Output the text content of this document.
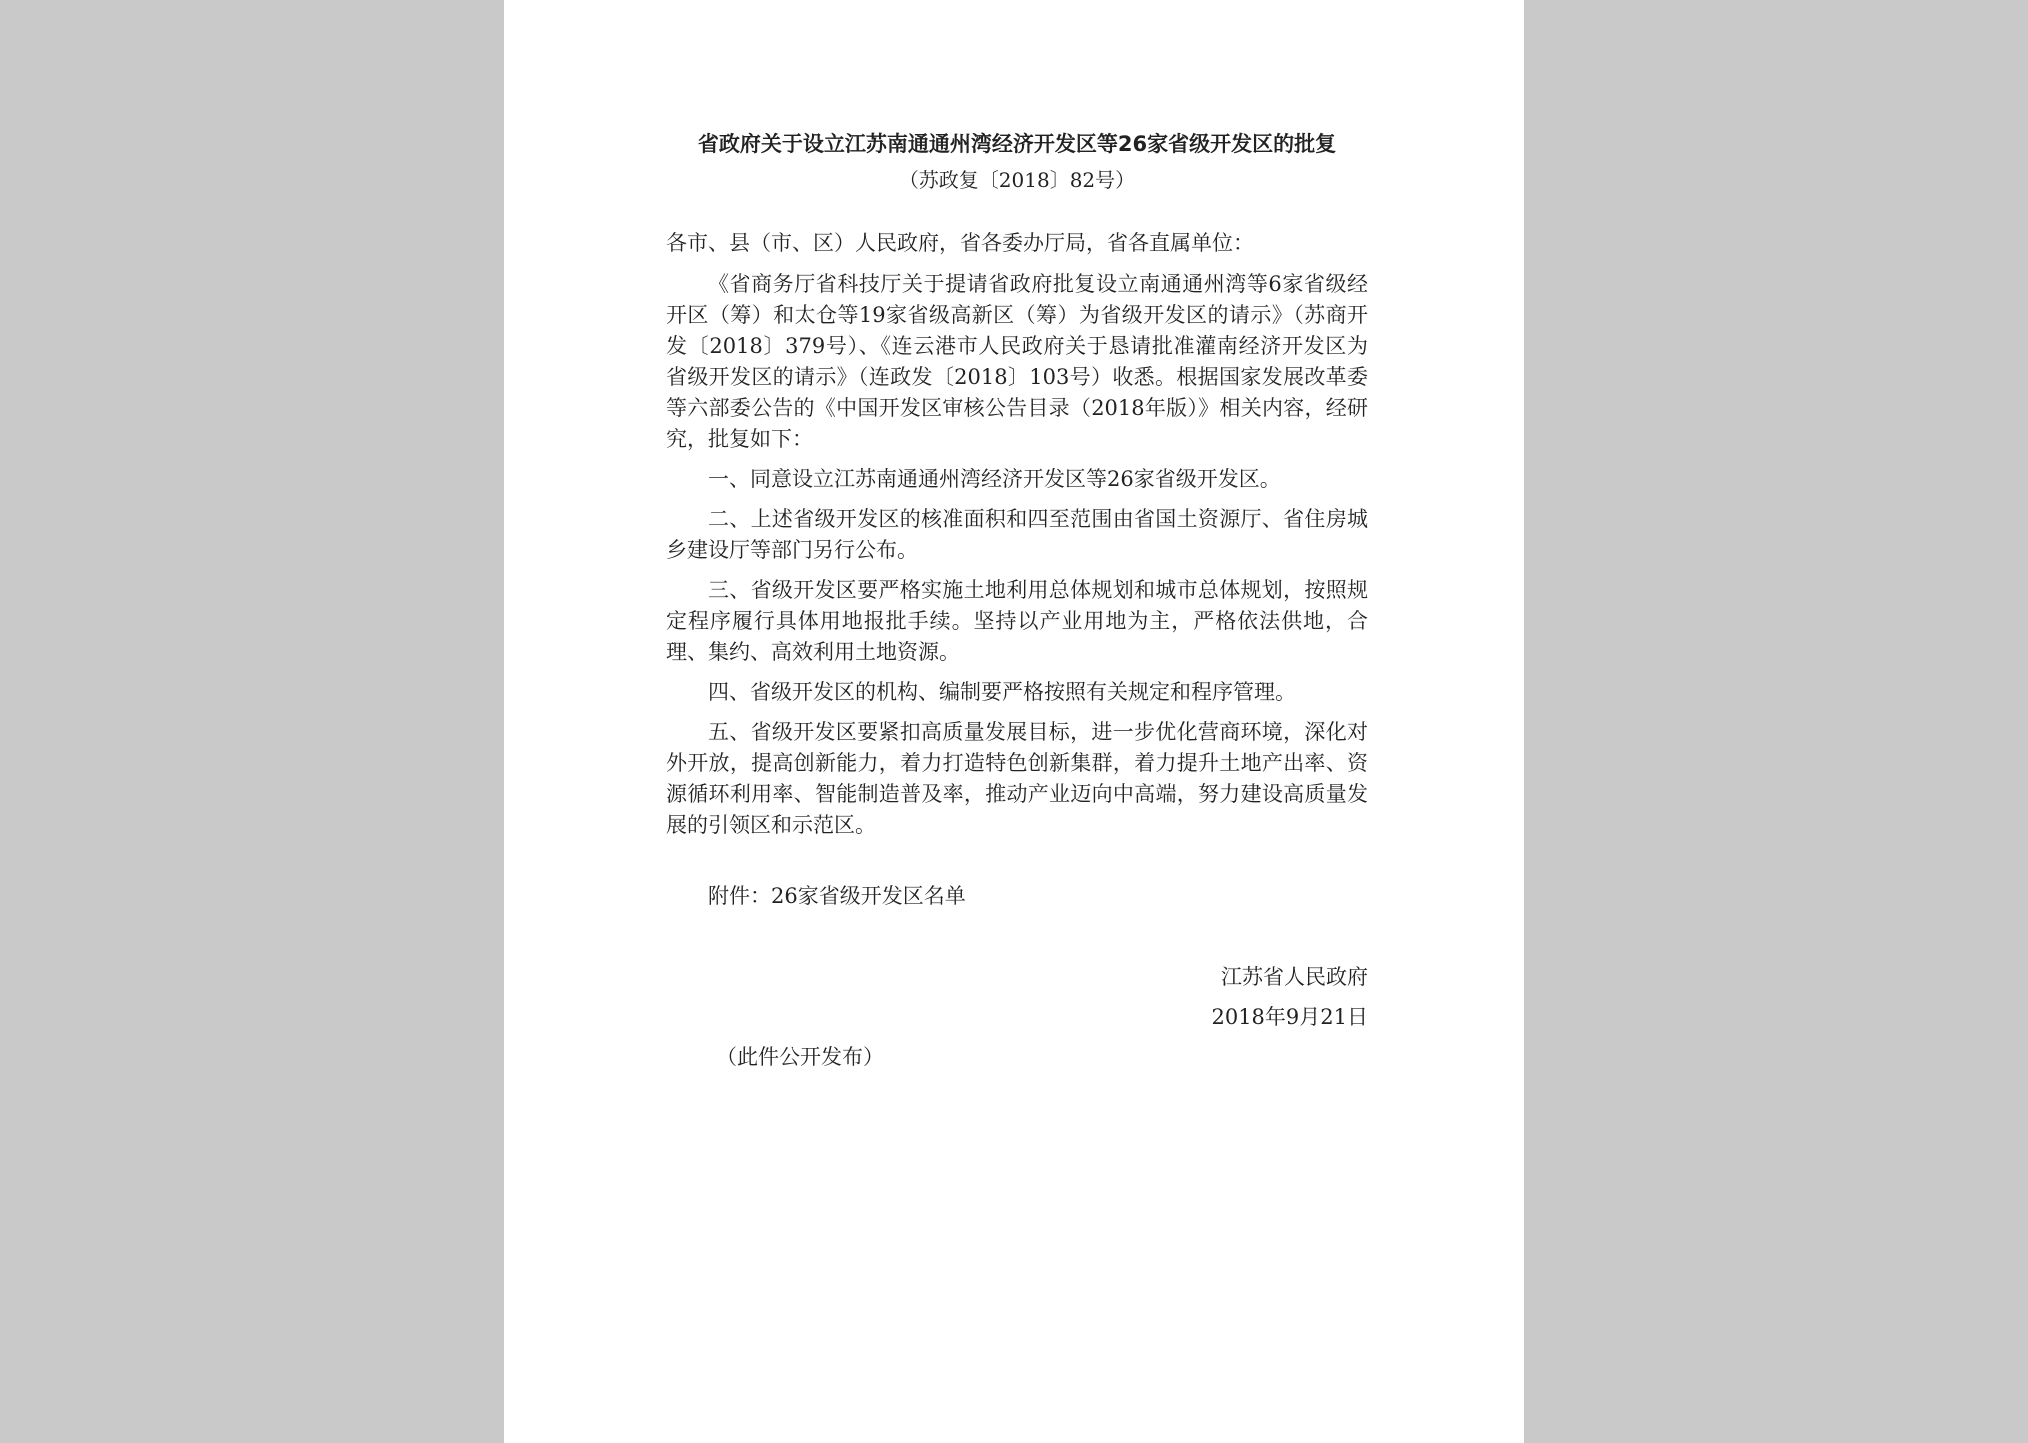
省政府关于设立江苏南通通州湾经济开发区等26家省级开发区的批复
（苏政复〔2018〕82号）
各市、县（市、区）人民政府，省各委办厅局，省各直属单位：

《省商务厅省科技厅关于提请省政府批复设立南通通州湾等6家省级经开区（筹）和太仓等19家省级高新区（筹）为省级开发区的请示》（苏商开发〔2018〕379号）、《连云港市人民政府关于恳请批准灌南经济开发区为省级开发区的请示》（连政发〔2018〕103号）收悉。根据国家发展改革委等六部委公告的《中国开发区审核公告目录（2018年版）》相关内容，经研究，批复如下：

一、同意设立江苏南通通州湾经济开发区等26家省级开发区。

二、上述省级开发区的核准面积和四至范围由省国土资源厅、省住房城乡建设厅等部门另行公布。

三、省级开发区要严格实施土地利用总体规划和城市总体规划，按照规定程序履行具体用地报批手续。坚持以产业用地为主，严格依法供地，合理、集约、高效利用土地资源。

四、省级开发区的机构、编制要严格按照有关规定和程序管理。

五、省级开发区要紧扣高质量发展目标，进一步优化营商环境，深化对外开放，提高创新能力，着力打造特色创新集群，着力提升土地产出率、资源循环利用率、智能制造普及率，推动产业迈向中高端，努力建设高质量发展的引领区和示范区。

附件：26家省级开发区名单
江苏省人民政府
2018年9月21日
（此件公开发布）
